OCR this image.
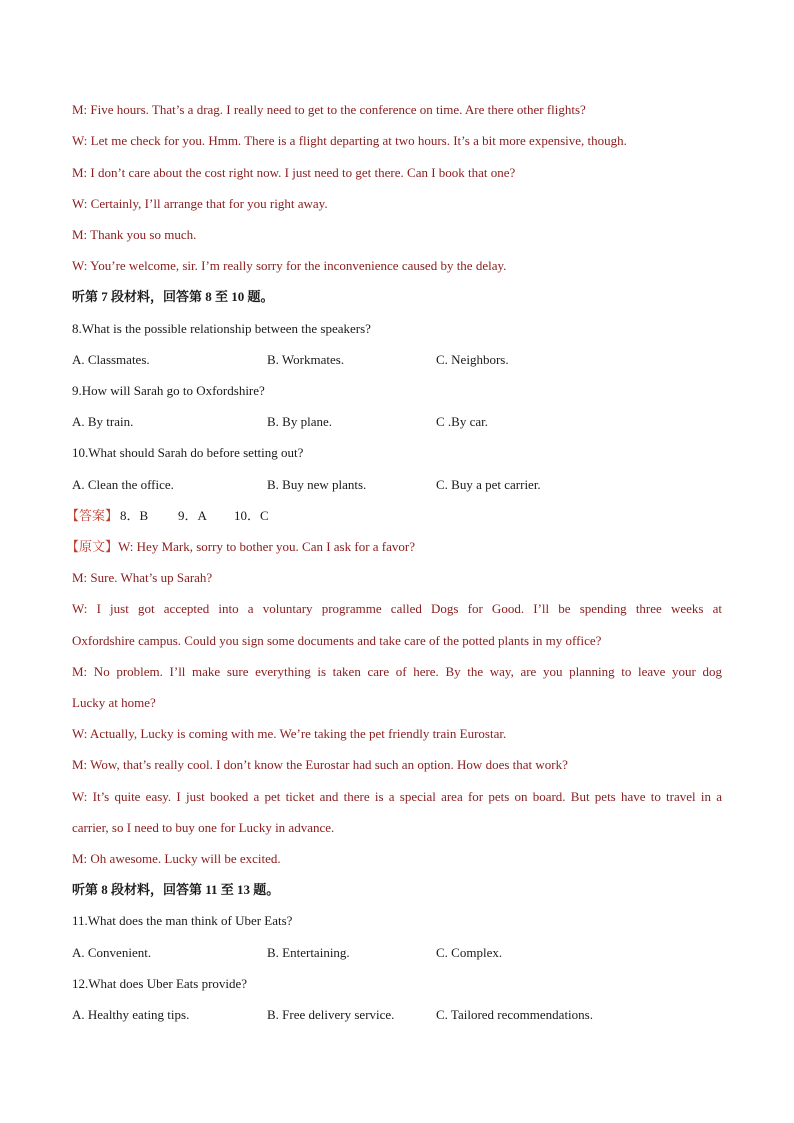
M: Five hours. That’s a drag. I really need to get to the conference on time. Are there other flights?
W: Let me check for you. Hmm. There is a flight departing at two hours. It’s a bit more expensive, though.
M: I don’t care about the cost right now. I just need to get there. Can I book that one?
W: Certainly, I’ll arrange that for you right away.
M: Thank you so much.
W: You’re welcome, sir. I’m really sorry for the inconvenience caused by the delay.
听第 7 段材料，回答第 8 至 10 题。
8.What is the possible relationship between the speakers?
A. Classmates.	B. Workmates.	C. Neighbors.
9.How will Sarah go to Oxfordshire?
A. By train.	B. By plane.	C .By car.
10.What should Sarah do before setting out?
A. Clean the office.	B. Buy new plants.	C. Buy a pet carrier.
【答案】 8．B 9．A 10．C
【原文】W: Hey Mark, sorry to bother you. Can I ask for a favor?
M: Sure. What’s up Sarah?
W: I just got accepted into a voluntary programme called Dogs for Good. I’ll be spending three weeks at
Oxfordshire campus. Could you sign some documents and take care of the potted plants in my office?
M: No problem. I’ll make sure everything is taken care of here. By the way, are you planning to leave your dog
Lucky at home?
W: Actually, Lucky is coming with me. We’re taking the pet friendly train Eurostar.
M: Wow, that’s really cool. I don’t know the Eurostar had such an option. How does that work?
W: It’s quite easy. I just booked a pet ticket and there is a special area for pets on board. But pets have to travel in a
carrier, so I need to buy one for Lucky in advance.
M: Oh awesome. Lucky will be excited.
听第 8 段材料，回答第 11 至 13 题。
11.What does the man think of Uber Eats?
A. Convenient.	B. Entertaining.	C. Complex.
12.What does Uber Eats provide?
A. Healthy eating tips.	B. Free delivery service.	C. Tailored recommendations.
